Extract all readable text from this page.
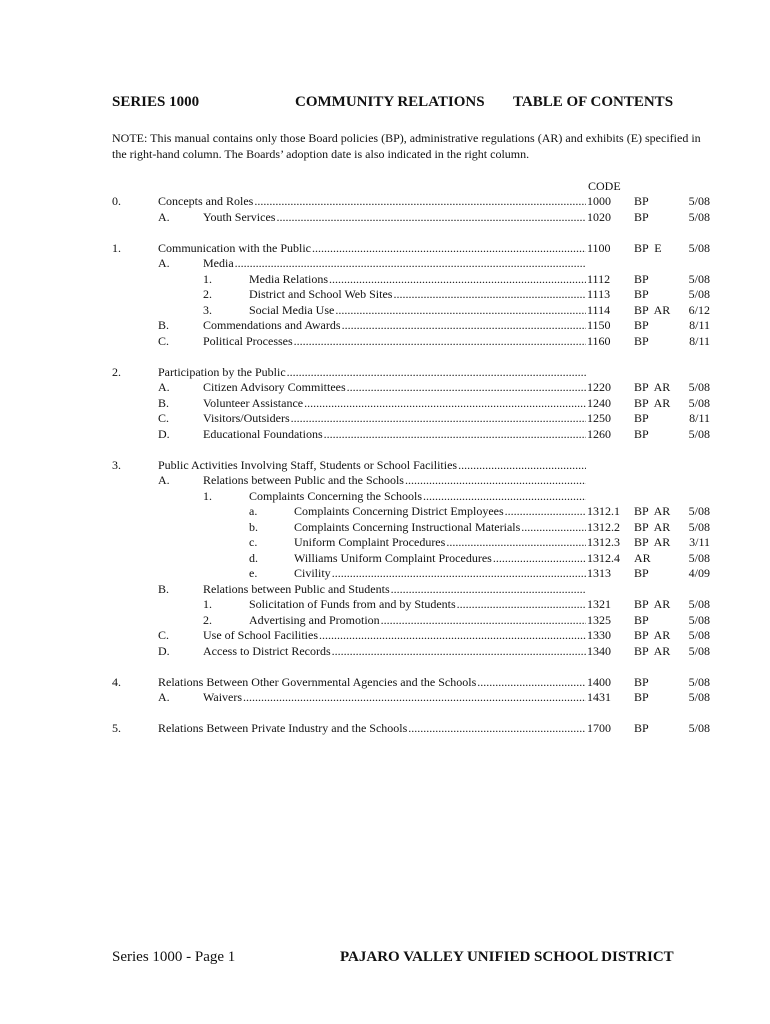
SERIES 1000	COMMUNITY RELATIONS TABLE OF CONTENTS
NOTE: This manual contains only those Board policies (BP), administrative regulations (AR) and exhibits (E) specified in the right-hand column. The Boards’ adoption date is also indicated in the right column.
CODE
0.	Concepts and Roles .....	1000 BP	5/08
A.	Youth Services .....	1020 BP	5/08
1.	Communication with the Public .....	1100 BP  E	5/08
A.	Media
.....
1.	Media Relations .....	1112 BP	5/08
2.	District and School Web Sites .....	1113 BP	5/08
3.	Social Media Use .....	1114 BP  AR	6/12
B.	Commendations and Awards .....	1150 BP	8/11
C.	Political Processes .....	1160 BP	8/11
2.	Participation by the Public
.....
A.	Citizen Advisory Committees .....	1220 BP  AR	5/08
B.	Volunteer Assistance .....	1240 BP  AR	5/08
C.	Visitors/Outsiders .....	1250 BP	8/11
D.	Educational Foundations .....	1260 BP	5/08
3.	Public Activities Involving Staff, Students or School Facilities
.....
A.	Relations between Public and the Schools
.....
1.	Complaints Concerning the Schools
.....
a.	Complaints Concerning District Employees .....	1312.1 BP  AR	5/08
b.	Complaints Concerning Instructional Materials .....	1312.2 BP  AR	5/08
c.	Uniform Complaint Procedures .....	1312.3 BP  AR	3/11
d.	Williams Uniform Complaint Procedures .....	1312.4 AR	5/08
e.	Civility .....	1313 BP	4/09
B.	Relations between Public and Students
.....
1.	Solicitation of Funds from and by Students .....	1321 BP  AR	5/08
2.	Advertising and Promotion .....	1325 BP	5/08
C.	Use of School Facilities .....	1330 BP  AR	5/08
D.	Access to District Records .....	1340 BP  AR	5/08
4.	Relations Between Other Governmental Agencies and the Schools .....	1400 BP	5/08
A.	Waivers .....	1431 BP	5/08
5.	Relations Between Private Industry and the Schools .....	1700 BP	5/08
Series 1000 - Page 1	PAJARO VALLEY UNIFIED SCHOOL DISTRICT
